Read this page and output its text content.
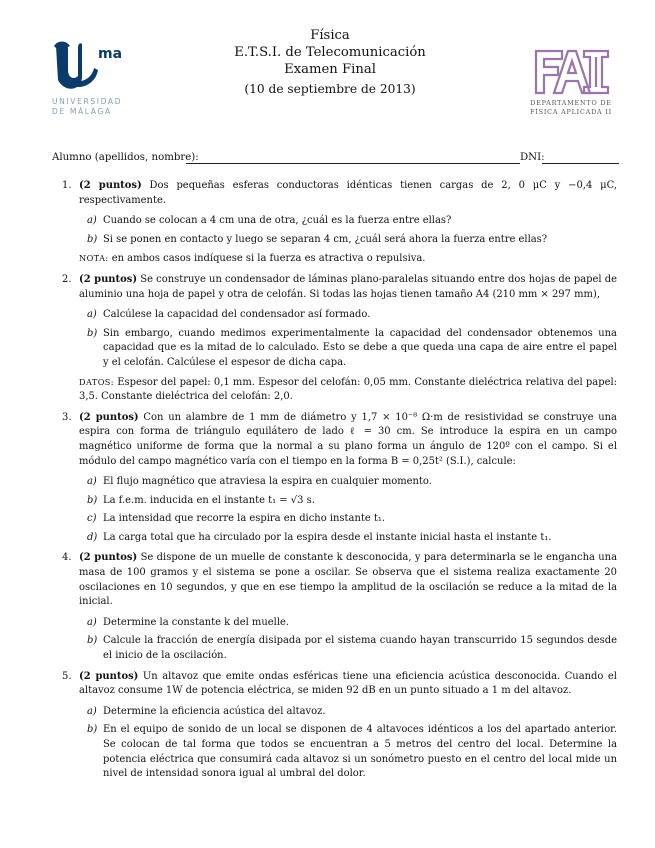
ma
UNIVERSIDAD
DE MÁLAGA
Física
E.T.S.I. de Telecomunicación
Examen Final
(10 de septiembre de 2013)
DEPARTAMENTO DE
FÍSICA APLICADA II
Alumno (apellidos, nombre):	DNI:
1. (2 puntos) Dos pequeñas esferas conductoras idénticas tienen cargas de 2, 0 μC y −0,4 μC, respectivamente.

a) Cuando se colocan a 4 cm una de otra, ¿cuál es la fuerza entre ellas?
b) Si se ponen en contacto y luego se separan 4 cm, ¿cuál será ahora la fuerza entre ellas?

NOTA: en ambos casos indíquese si la fuerza es atractiva o repulsiva.

2. (2 puntos) Se construye un condensador de láminas plano-paralelas situando entre dos hojas de papel de aluminio una hoja de papel y otra de celofán. Si todas las hojas tienen tamaño A4 (210 mm × 297 mm),

a) Calcúlese la capacidad del condensador así formado.
b) Sin embargo, cuando medimos experimentalmente la capacidad del condensador obtenemos una capacidad que es la mitad de lo calculado. Esto se debe a que queda una capa de aire entre el papel y el celofán. Calcúlese el espesor de dicha capa.

DATOS: Espesor del papel: 0,1 mm. Espesor del celofán: 0,05 mm. Constante dieléctrica relativa del papel: 3,5. Constante dieléctrica del celofán: 2,0.

3. (2 puntos) Con un alambre de 1 mm de diámetro y 1,7 × 10⁻⁸ Ω·m de resistividad se construye una espira con forma de triángulo equilátero de lado ℓ = 30 cm. Se introduce la espira en un campo magnético uniforme de forma que la normal a su plano forma un ángulo de 120º con el campo. Si el módulo del campo magnético varía con el tiempo en la forma B = 0,25t² (S.I.), calcule:

a) El flujo magnético que atraviesa la espira en cualquier momento.
b) La f.e.m. inducida en el instante t₁ = √3 s.
c) La intensidad que recorre la espira en dicho instante t₁.
d) La carga total que ha circulado por la espira desde el instante inicial hasta el instante t₁.
4. (2 puntos) Se dispone de un muelle de constante k desconocida, y para determinarla se le engancha una masa de 100 gramos y el sistema se pone a oscilar. Se observa que el sistema realiza exactamente 20 oscilaciones en 10 segundos, y que en ese tiempo la amplitud de la oscilación se reduce a la mitad de la inicial.

a) Determine la constante k del muelle.
b) Calcule la fracción de energía disipada por el sistema cuando hayan transcurrido 15 segundos desde el inicio de la oscilación.
5. (2 puntos) Un altavoz que emite ondas esféricas tiene una eficiencia acústica desconocida. Cuando el altavoz consume 1W de potencia eléctrica, se miden 92 dB en un punto situado a 1 m del altavoz.

a) Determine la eficiencia acústica del altavoz.
b) En el equipo de sonido de un local se disponen de 4 altavoces idénticos a los del apartado anterior. Se colocan de tal forma que todos se encuentran a 5 metros del centro del local. Determine la potencia eléctrica que consumirá cada altavoz si un sonómetro puesto en el centro del local mide un nivel de intensidad sonora igual al umbral del dolor.
